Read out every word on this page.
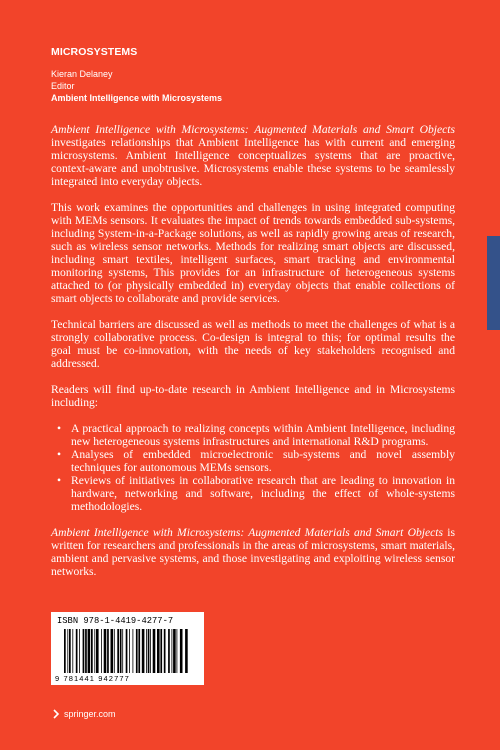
MICROSYSTEMS
Kieran Delaney
Editor
Ambient Intelligence with Microsystems

Ambient Intelligence with Microsystems: Augmented Materials and Smart Objects investigates relationships that Ambient Intelligence has with current and emerging microsystems. Ambient Intelligence conceptualizes systems that are proactive, context-aware and unobtrusive. Microsystems enable these systems to be seamlessly integrated into everyday objects.

This work examines the opportunities and challenges in using integrated computing with MEMs sensors. It evaluates the impact of trends towards embedded sub-systems, including System-in-a-Package solutions, as well as rapidly growing areas of research, such as wireless sensor networks. Methods for realizing smart objects are discussed, including smart textiles, intelligent surfaces, smart tracking and environmental monitoring systems, This provides for an infrastructure of heterogeneous systems attached to (or physically embedded in) everyday objects that enable collections of smart objects to collaborate and provide services.

Technical barriers are discussed as well as methods to meet the challenges of what is a strongly collaborative process. Co-design is integral to this; for optimal results the goal must be co-innovation, with the needs of key stakeholders recognised and addressed.

Readers will find up-to-date research in Ambient Intelligence and in Microsystems including:

• A practical approach to realizing concepts within Ambient Intelligence, including new heterogeneous systems infrastructures and international R&D programs.
• Analyses of embedded microelectronic sub-systems and novel assembly techniques for autonomous MEMs sensors.
• Reviews of initiatives in collaborative research that are leading to innovation in hardware, networking and software, including the effect of whole-systems methodologies.

Ambient Intelligence with Microsystems: Augmented Materials and Smart Objects is written for researchers and professionals in the areas of microsystems, smart materials, ambient and pervasive systems, and those investigating and exploiting wireless sensor networks.

ISBN 978-1-4419-4277-7
9 781441 942777
springer.com
